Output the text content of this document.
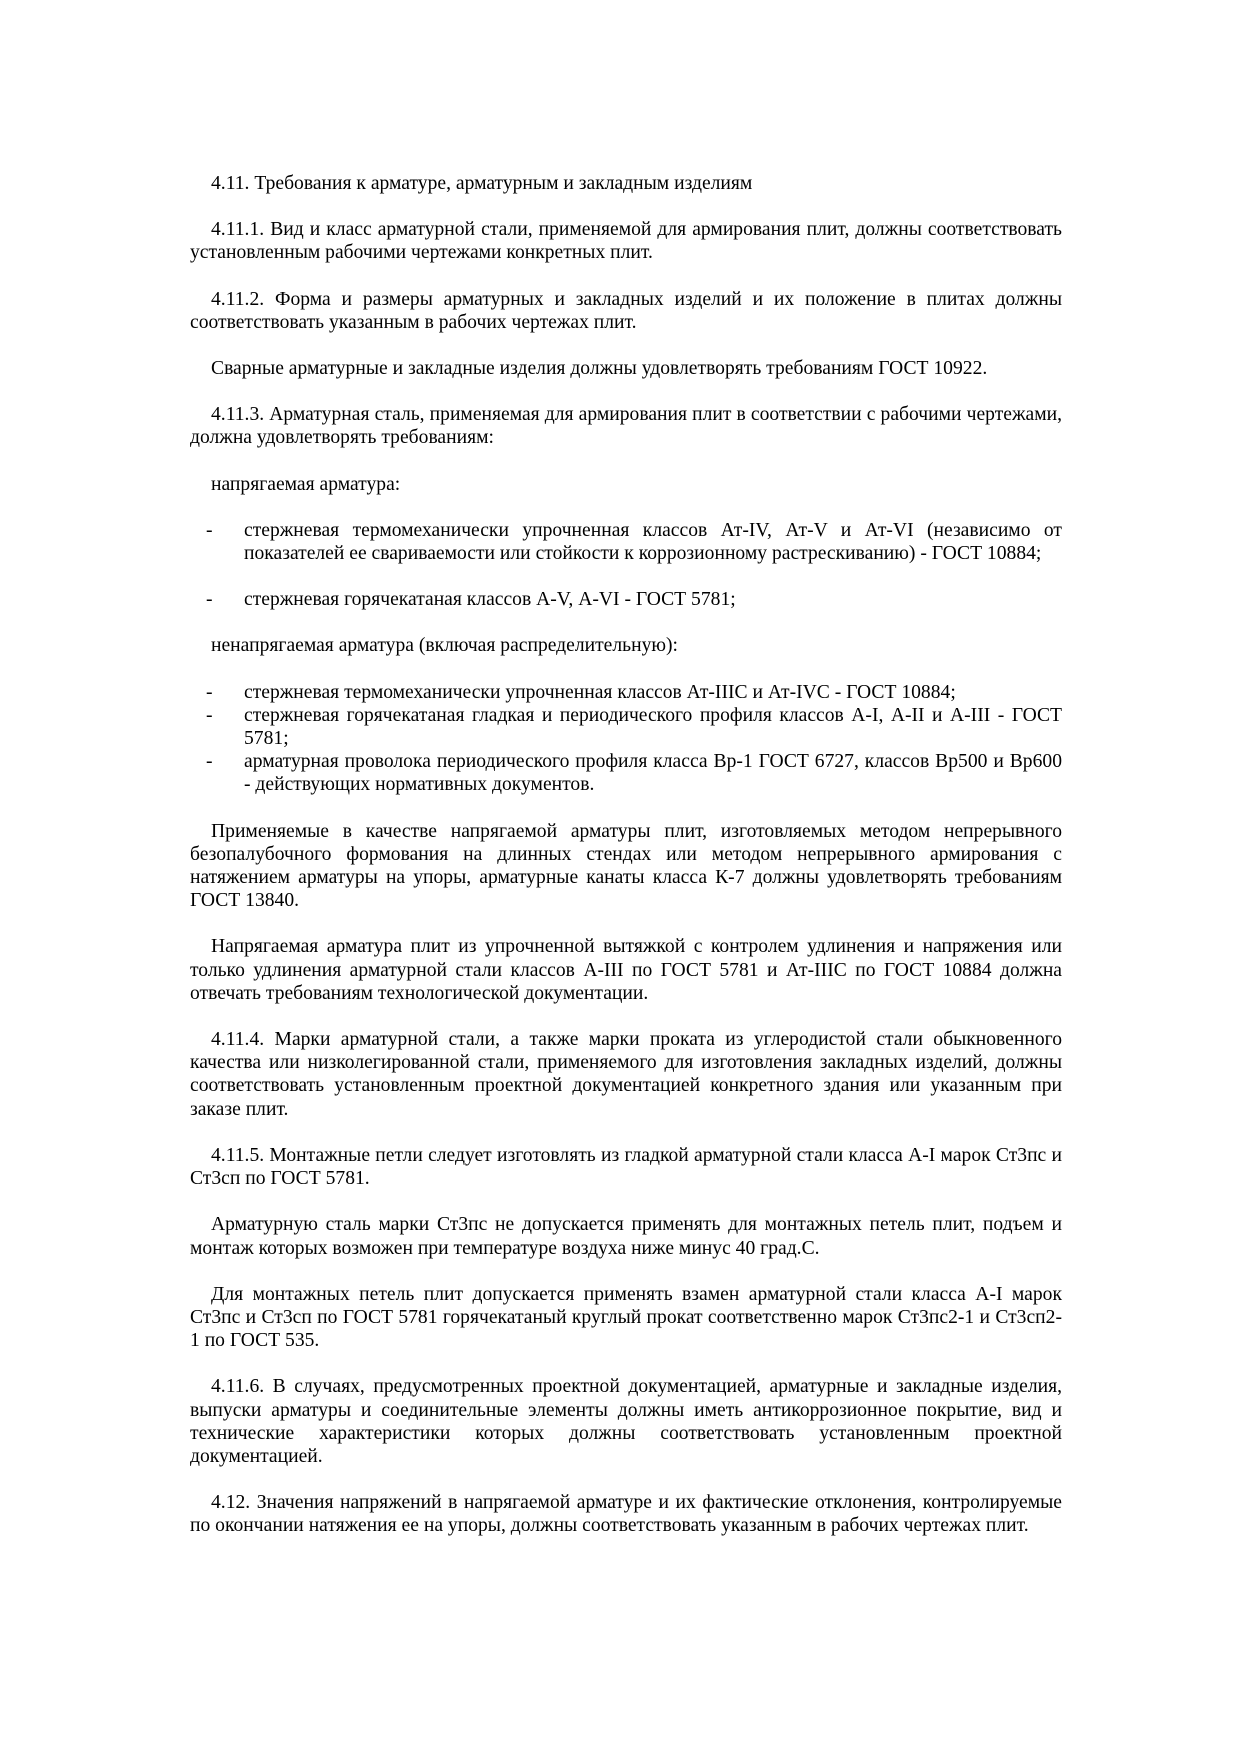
4.11. Требования к арматуре, арматурным и закладным изделиям

4.11.1. Вид и класс арматурной стали, применяемой для армирования плит, должны соответствовать установленным рабочими чертежами конкретных плит.

4.11.2. Форма и размеры арматурных и закладных изделий и их положение в плитах должны соответствовать указанным в рабочих чертежах плит.

Сварные арматурные и закладные изделия должны удовлетворять требованиям ГОСТ 10922.

4.11.3. Арматурная сталь, применяемая для армирования плит в соответствии с рабочими чертежами, должна удовлетворять требованиям:

напрягаемая арматура:

- стержневая термомеханически упрочненная классов Ат-IV, Ат-V и Ат-VI (независимо от показателей ее свариваемости или стойкости к коррозионному растрескиванию) - ГОСТ 10884;
- стержневая горячекатаная классов А-V, А-VI - ГОСТ 5781;

ненапрягаемая арматура (включая распределительную):

- стержневая термомеханически упрочненная классов Ат-IIIС и Ат-IVС - ГОСТ 10884;
- стержневая горячекатаная гладкая и периодического профиля классов А-I, А-II и А-III - ГОСТ 5781;
- арматурная проволока периодического профиля класса Вр-1 ГОСТ 6727, классов Вр500 и Вр600 - действующих нормативных документов.

Применяемые в качестве напрягаемой арматуры плит, изготовляемых методом непрерывного безопалубочного формования на длинных стендах или методом непрерывного армирования с натяжением арматуры на упоры, арматурные канаты класса К-7 должны удовлетворять требованиям ГОСТ 13840.

Напрягаемая арматура плит из упрочненной вытяжкой с контролем удлинения и напряжения или только удлинения арматурной стали классов А-III по ГОСТ 5781 и Ат-IIIС по ГОСТ 10884 должна отвечать требованиям технологической документации.

4.11.4. Марки арматурной стали, а также марки проката из углеродистой стали обыкновенного качества или низколегированной стали, применяемого для изготовления закладных изделий, должны соответствовать установленным проектной документацией конкретного здания или указанным при заказе плит.

4.11.5. Монтажные петли следует изготовлять из гладкой арматурной стали класса А-I марок Ст3пс и Ст3сп по ГОСТ 5781.

Арматурную сталь марки Ст3пс не допускается применять для монтажных петель плит, подъем и монтаж которых возможен при температуре воздуха ниже минус 40 град.С.

Для монтажных петель плит допускается применять взамен арматурной стали класса А-I марок Ст3пс и Ст3сп по ГОСТ 5781 горячекатаный круглый прокат соответственно марок Ст3пс2-1 и Ст3сп2-1 по ГОСТ 535.

4.11.6. В случаях, предусмотренных проектной документацией, арматурные и закладные изделия, выпуски арматуры и соединительные элементы должны иметь антикоррозионное покрытие, вид и технические характеристики которых должны соответствовать установленным проектной документацией.

4.12. Значения напряжений в напрягаемой арматуре и их фактические отклонения, контролируемые по окончании натяжения ее на упоры, должны соответствовать указанным в рабочих чертежах плит.
